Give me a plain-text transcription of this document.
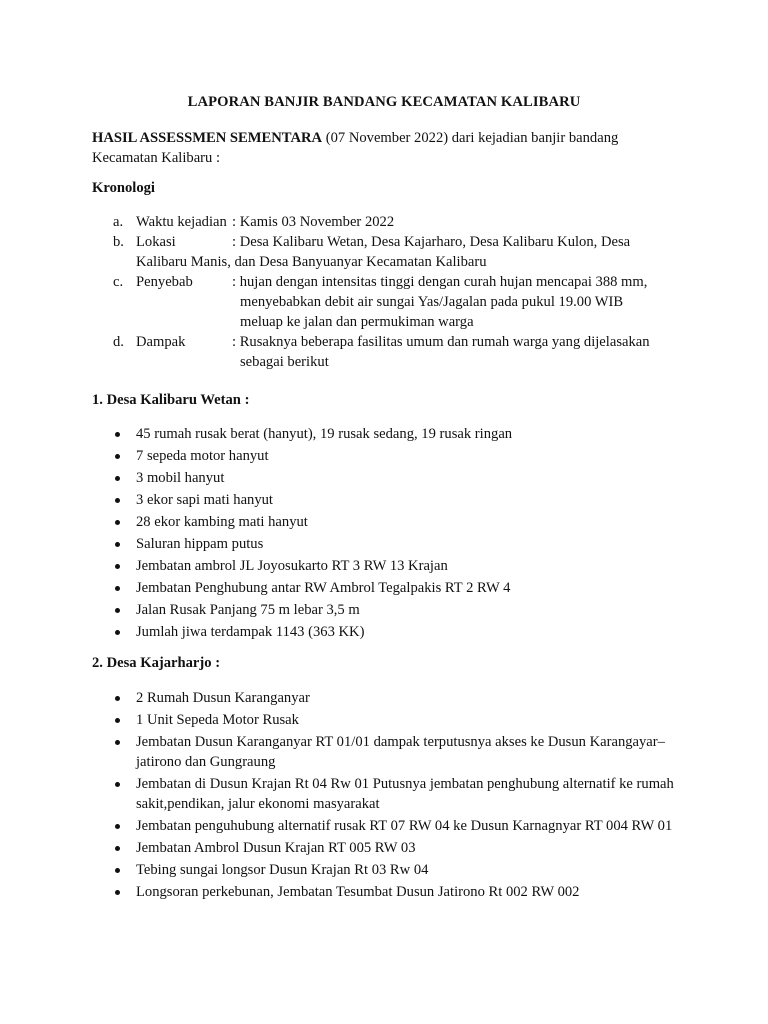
LAPORAN BANJIR BANDANG KECAMATAN KALIBARU
HASIL ASSESSMEN SEMENTARA (07 November 2022) dari kejadian banjir bandang
Kecamatan Kalibaru :
Kronologi
a. Waktu kejadian : Kamis 03 November 2022
b. Lokasi	: Desa Kalibaru Wetan, Desa Kajarharo, Desa Kalibaru Kulon, Desa
Kalibaru Manis, dan Desa Banyuanyar Kecamatan Kalibaru
c. Penyebab	: hujan dengan intensitas tinggi dengan curah hujan mencapai 388 mm,
menyebabkan debit air sungai Yas/Jagalan pada pukul 19.00 WIB
meluap ke jalan dan permukiman warga
d. Dampak	: Rusaknya beberapa fasilitas umum dan rumah warga yang dijelasakan
sebagai berikut
1. Desa Kalibaru Wetan :
45 rumah rusak berat (hanyut), 19 rusak sedang, 19 rusak ringan
7 sepeda motor hanyut
3 mobil hanyut
3 ekor sapi mati hanyut
28 ekor kambing mati hanyut
Saluran hippam putus
Jembatan ambrol JL Joyosukarto RT 3 RW 13 Krajan
Jembatan Penghubung antar RW Ambrol Tegalpakis RT 2 RW 4
Jalan Rusak Panjang 75 m lebar 3,5 m
Jumlah jiwa terdampak 1143 (363 KK)
2. Desa Kajarharjo :
2 Rumah Dusun Karanganyar
1 Unit Sepeda Motor Rusak
Jembatan Dusun Karanganyar RT 01/01 dampak terputusnya akses ke Dusun Karangayar– jatirono dan Gungraung
Jembatan di Dusun Krajan Rt 04 Rw 01 Putusnya jembatan penghubung alternatif ke rumah sakit,pendikan, jalur ekonomi masyarakat
Jembatan penguhubung alternatif rusak RT 07 RW 04 ke Dusun Karnagnyar RT 004 RW 01
Jembatan Ambrol Dusun Krajan RT 005 RW 03
Tebing sungai longsor Dusun Krajan Rt 03 Rw 04
Longsoran perkebunan, Jembatan Tesumbat Dusun Jatirono Rt 002 RW 002
